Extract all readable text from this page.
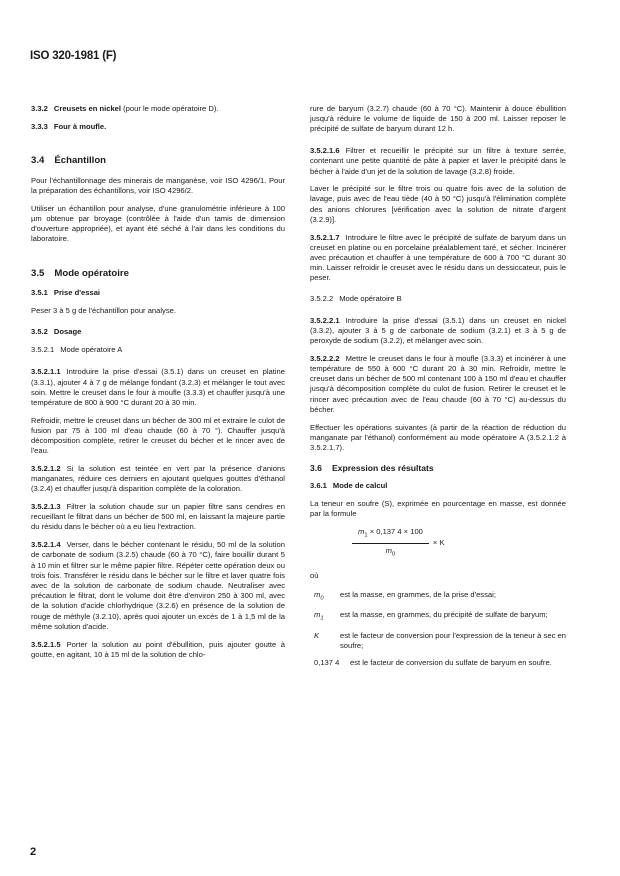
ISO 320-1981 (F)
3.3.2 Creusets en nickel (pour le mode opératoire D).
3.3.3 Four à moufle.
3.4 Échantillon

Pour l'échantillonnage des minerais de manganèse, voir ISO 4296/1. Pour la préparation des échantillons, voir ISO 4296/2.

Utiliser un échantillon pour analyse, d'une granulométrie inférieure à 100 µm obtenue par broyage (contrôlée à l'aide d'un tamis de dimension d'ouverture appropriée), et ayant été séché à l'air dans les conditions du laboratoire.

3.5 Mode opératoire
3.5.1 Prise d'essai

Peser 3 à 5 g de l'échantillon pour analyse.

3.5.2 Dosage
3.5.2.1 Mode opératoire A

3.5.2.1.1 Introduire la prise d'essai (3.5.1) dans un creuset en platine (3.3.1), ajouter 4 à 7 g de mélange fondant (3.2.3) et mélanger le tout avec soin. Mettre le creuset dans le four à moufle (3.3.3) et chauffer jusqu'à une température de 800 à 900 °C durant 20 à 30 min.

Refroidir, mettre le creuset dans un bécher de 300 ml et extraire le culot de fusion par 75 à 100 ml d'eau chaude (60 à 70 °). Chauffer jusqu'à décomposition complète, retirer le creuset du bécher et le rincer avec de l'eau.

3.5.2.1.2 Si la solution est teintée en vert par la présence d'anions manganates, réduire ces derniers en ajoutant quelques gouttes d'éthanol (3.2.4) et chauffer jusqu'à disparition complète de la coloration.

3.5.2.1.3 Filtrer la solution chaude sur un papier filtre sans cendres en recueillant le filtrat dans un bécher de 500 ml, en laissant la majeure partie du résidu dans le bécher où a eu lieu l'extraction.

3.5.2.1.4 Verser, dans le bécher contenant le résidu, 50 ml de la solution de carbonate de sodium (3.2.5) chaude (60 à 70 °C), faire bouillir durant 5 à 10 min et filtrer sur le même papier filtre. Répéter cette opération deux ou trois fois. Transférer le résidu dans le bécher sur le filtre et laver quatre fois avec de la solution de carbonate de sodium chaude. Neutraliser avec précaution le filtrat, dont le volume doit être d'environ 250 à 300 ml, avec de la solution d'acide chlorhydrique (3.2.6) en présence de la solution de rouge de méthyle (3.2.10), après quoi ajouter un excès de 1 à 1,5 ml de la même solution d'acide.

3.5.2.1.5 Porter la solution au point d'ébullition, puis ajouter goutte à goutte, en agitant, 10 à 15 ml de la solution de chlo-

rure de baryum (3.2.7) chaude (60 à 70 °C). Maintenir à douce ébullition jusqu'à réduire le volume de liquide de 150 à 200 ml. Laisser reposer le précipité de sulfate de baryum durant 12 h.

3.5.2.1.6 Filtrer et recueillir le précipité sur un filtre à texture serrée, contenant une petite quantité de pâte à papier et laver le précipité dans le bécher à l'aide d'un jet de la solution de lavage (3.2.8) froide.

Laver le précipité sur le filtre trois ou quatre fois avec de la solution de lavage, puis avec de l'eau tiède (40 à 50 °C) jusqu'à l'élimination complète des anions chlorures [vérification avec la solution de nitrate d'argent (3.2.9)].

3.5.2.1.7 Introduire le filtre avec le précipité de sulfate de baryum dans un creuset en platine ou en porcelaine préalablement taré, et sécher. Incinérer avec précaution et chauffer à une température de 600 à 700 °C durant 30 min. Laisser refroidir le creuset avec le résidu dans un dessiccateur, puis le peser.

3.5.2.2 Mode opératoire B

3.5.2.2.1 Introduire la prise d'essai (3.5.1) dans un creuset en nickel (3.3.2), ajouter 3 à 5 g de carbonate de sodium (3.2.1) et 3 à 5 g de peroxyde de sodium (3.2.2), et mélanger avec soin.

3.5.2.2.2 Mettre le creuset dans le four à moufle (3.3.3) et incinérer à une température de 550 à 600 °C durant 20 à 30 min. Refroidir, mettre le creuset dans un bécher de 500 ml contenant 100 à 150 ml d'eau et chauffer jusqu'à décomposition complète du culot de fusion. Retirer le creuset et le rincer avec précaution avec de l'eau chaude (60 à 70 °C) au-dessus du bécher.

Effectuer les opérations suivantes (à partir de la réaction de réduction du manganate par l'éthanol) conformément au mode opératoire A (3.5.2.1.2 à 3.5.2.1.7).

3.6 Expression des résultats
3.6.1 Mode de calcul

La teneur en soufre (S), exprimée en pourcentage en masse, est donnée par la formule

$\frac{m_1 \times 0,137 4 \times 100}{m_0} \times K$

où

$m_0$	est la masse, en grammes, de la prise d'essai;
$m_1$	est la masse, en grammes, du précipité de sulfate de baryum;
K	est le facteur de conversion pour l'expression de la teneur à sec en soufre;
0,137 4	est le facteur de conversion du sulfate de baryum en soufre.
2
